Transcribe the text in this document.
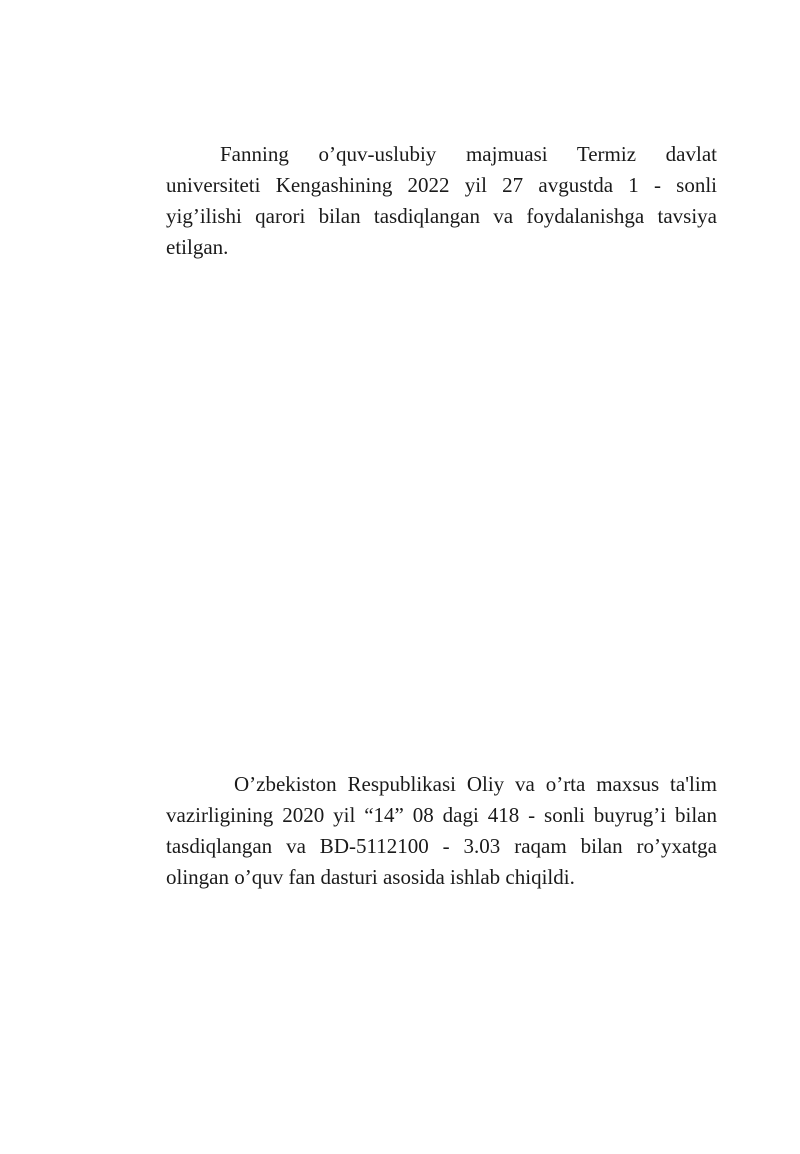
Fanning o’quv-uslubiy majmuasi Termiz davlat universiteti Kengashining 2022 yil 27 avgustda 1 - sonli yig’ilishi qarori bilan tasdiqlangan va foydalanishga tavsiya etilgan.

O’zbekiston Respublikasi Oliy va o’rta maxsus ta'lim vazirligining 2020 yil “14” 08 dagi 418 - sonli buyrug’i bilan tasdiqlangan va BD-5112100 - 3.03 raqam bilan ro’yxatga olingan o’quv fan dasturi asosida ishlab chiqildi.
